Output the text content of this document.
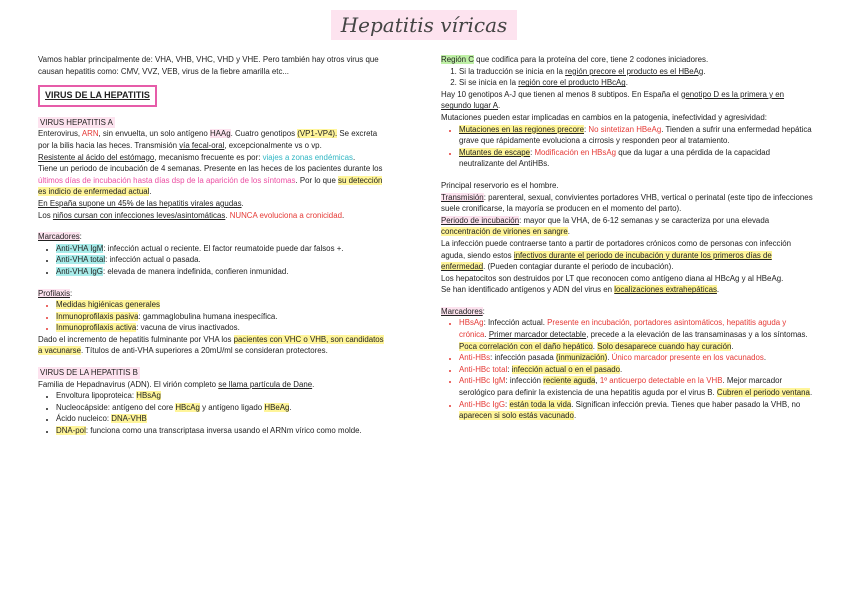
Hepatitis víricas

Vamos hablar principalmente de: VHA, VHB, VHC, VHD y VHE. Pero también hay otros virus que causan hepatitis como: CMV, VVZ, VEB, virus de la fiebre amarilla etc...

VIRUS DE LA HEPATITIS

VIRUS HEPATITIS A

Enterovirus, ARN, sin envuelta, un solo antígeno HAAg. Cuatro genotipos (VP1-VP4). Se excreta por la bilis hacia las heces. Transmisión vía fecal-oral, excepcionalmente vs o vp.

Resistente al ácido del estómago, mecanismo frecuente es por: viajes a zonas endémicas.

Tiene un periodo de incubación de 4 semanas. Presente en las heces de los pacientes durante los últimos días de incubación hasta días dsp de la aparición de los síntomas. Por lo que su detección es indicio de enfermedad actual.

En España supone un 45% de las hepatitis virales agudas.

Los niños cursan con infecciones leves/asintomáticas. NUNCA evoluciona a cronicidad.

Marcadores:

• Anti-VHA IgM: infección actual o reciente. El factor reumatoide puede dar falsos +.
• Anti-VHA total: infección actual o pasada.
• Anti-VHA IgG: elevada de manera indefinida, confieren inmunidad.

Profilaxis:

• Medidas higiénicas generales
• Inmunoprofilaxis pasiva: gammaglobulina humana inespecífica.
• Inmunoprofilaxis activa: vacuna de virus inactivados.

Dado el incremento de hepatitis fulminante por VHA los pacientes con VHC o VHB, son candidatos a vacunarse. Títulos de anti-VHA superiores a 20mU/ml se consideran protectores.

VIRUS DE LA HEPATITIS B

Familia de Hepadnavirus (ADN). El virión completo se llama partícula de Dane.

• Envoltura lipoproteica: HBsAg
• Nucleocápside: antígeno del core HBcAg y antígeno ligado HBeAg.
• Ácido nucleico: DNA-VHB
• DNA-pol: funciona como una transcriptasa inversa usando el ARNm vírico como molde.

Región C que codifica para la proteína del core, tiene 2 codones iniciadores.

1. Si la traducción se inicia en la región precore el producto es el HBeAg.
2. Si se inicia en la región core el producto HBcAg.

Hay 10 genotipos A-J que tienen al menos 8 subtipos. En España el genotipo D es la primera y en segundo lugar A.

Mutaciones pueden estar implicadas en cambios en la patogenia, inefectividad y agresividad:

• Mutaciones en las regiones precore: No sintetizan HBeAg. Tienden a sufrir una enfermedad hepática grave que rápidamente evoluciona a cirrosis y responden peor al tratamiento.
• Mutantes de escape: Modificación en HBsAg que da lugar a una pérdida de la capacidad neutralizante del AntiHBs.

Principal reservorio es el hombre.

Transmisión: parenteral, sexual, convivientes portadores VHB, vertical o perinatal (este tipo de infecciones suele cronificarse, la mayoría se producen en el momento del parto).

Periodo de incubación: mayor que la VHA, de 6-12 semanas y se caracteriza por una elevada concentración de viriones en sangre.

La infección puede contraerse tanto a partir de portadores crónicos como de personas con infección aguda, siendo estos infectivos durante el periodo de incubación y durante los primeros días de enfermedad. (Pueden contagiar durante el periodo de incubación).

Los hepatocitos son destruidos por LT que reconocen como antígeno diana al HBcAg y al HBeAg.

Se han identificado antígenos y ADN del virus en localizaciones extrahepáticas.

Marcadores:

• HBsAg: Infección actual. Presente en incubación, portadores asintomáticos, hepatitis aguda y crónica. Primer marcador detectable, precede a la elevación de las transaminasas y a los síntomas. Poca correlación con el daño hepático. Solo desaparece cuando hay curación.
• Anti-HBs: infección pasada (inmunización). Único marcador presente en los vacunados.
• Anti-HBc total: infección actual o en el pasado.
• Anti-HBc IgM: infección reciente aguda, 1º anticuerpo detectable en la VHB. Mejor marcador serológico para definir la existencia de una hepatitis aguda por el virus B. Cubren el periodo ventana.
• Anti-HBc IgG: están toda la vida. Significan infección previa. Tienes que haber pasado la VHB, no aparecen si solo estás vacunado.
